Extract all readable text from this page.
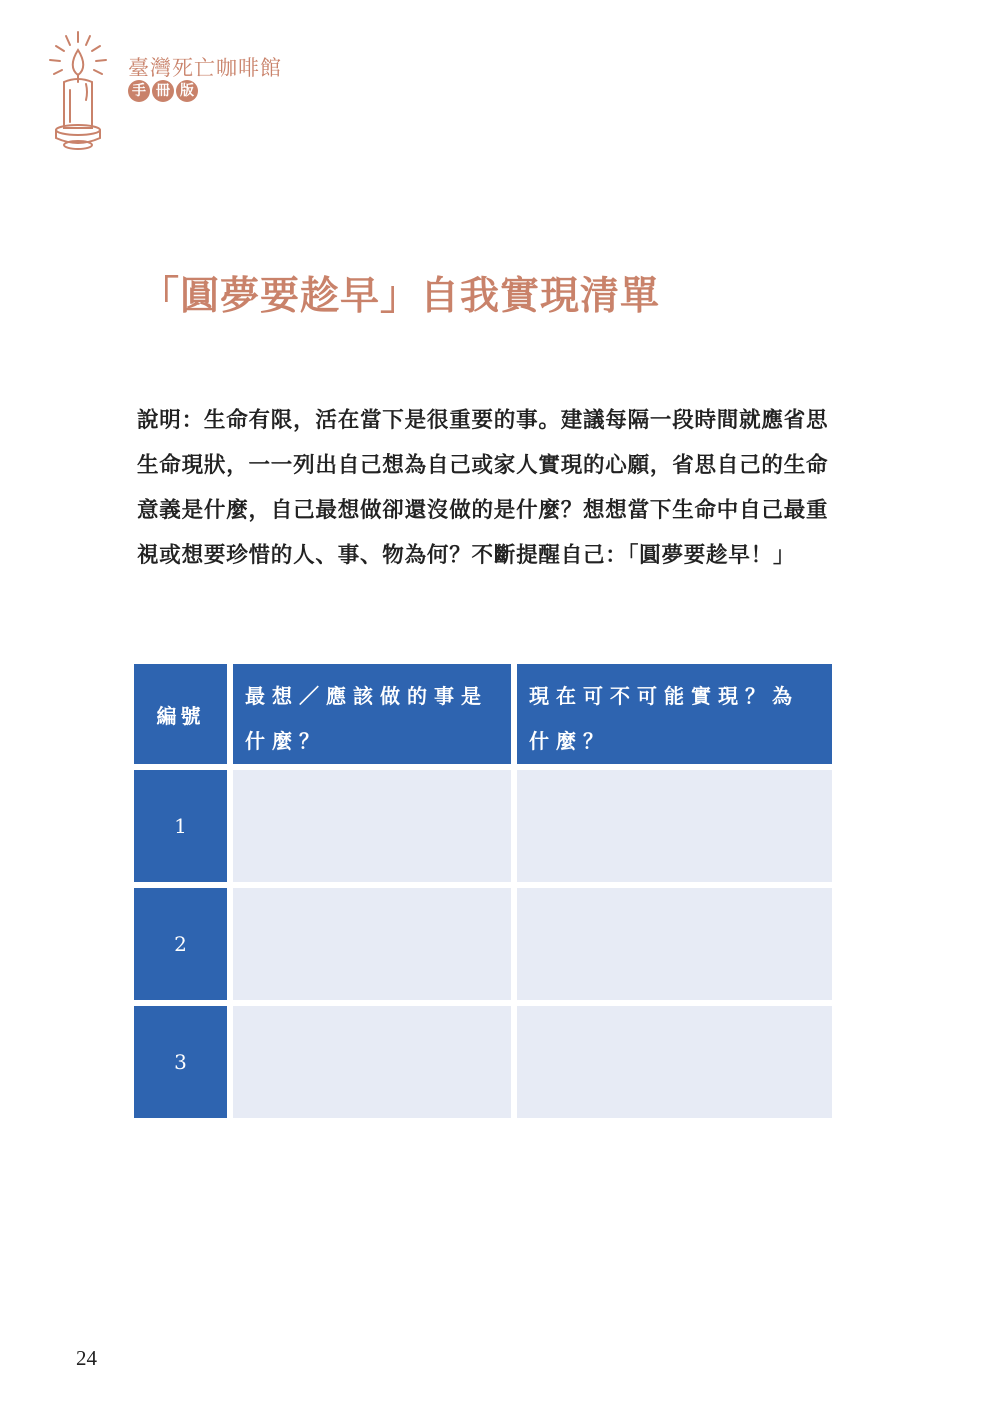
臺灣死亡咖啡館
手 冊 版
「圓夢要趁早」自我實現清單
說明：生命有限，活在當下是很重要的事。建議每隔一段時間就應省思生命現狀，一一列出自己想為自己或家人實現的心願，省思自己的生命意義是什麼，自己最想做卻還沒做的是什麼？想想當下生命中自己最重視或想要珍惜的人、事、物為何？不斷提醒自己：「圓夢要趁早！」
編號
最想／應該做的事是什麼？
現在可不可能實現？為什麼？
1
2
3
24
